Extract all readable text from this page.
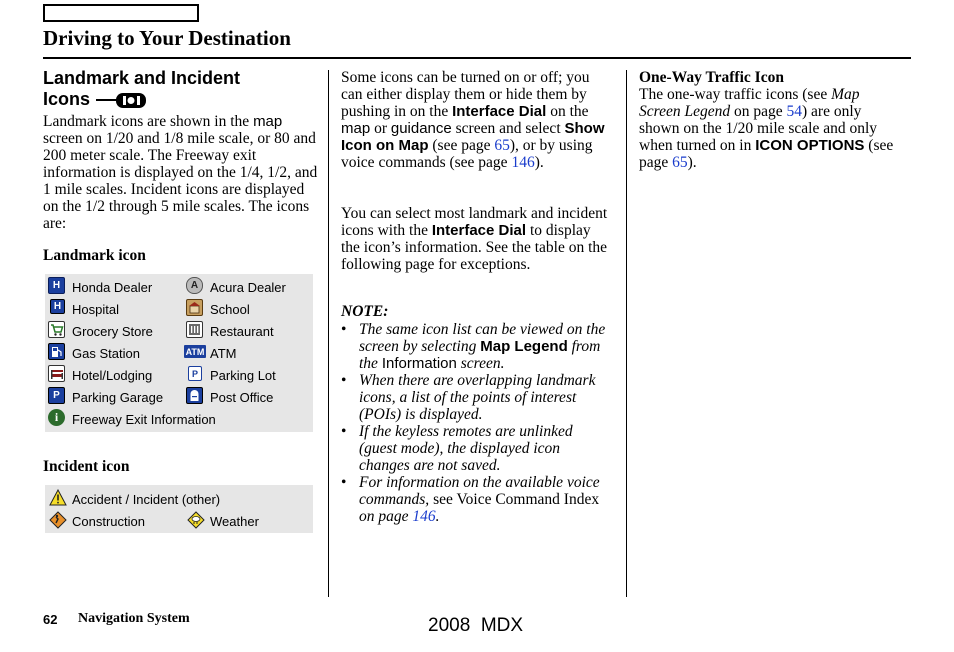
Driving to Your Destination
Landmark and Incident
Icons
Landmark icons are shown in the map screen on 1/20 and 1/8 mile scale, or 80 and 200 meter scale. The Freeway exit information is displayed on the 1/4, 1/2, and 1 mile scales. Incident icons are displayed on the 1/2 through 5 mile scales. The icons are:
Landmark icon
H Honda Dealer	A Acura Dealer
H Hospital	School
Grocery Store	Restaurant
Gas Station	ATM ATM
Hotel/Lodging	P Parking Lot
P Parking Garage	Post Office
i	Freeway Exit Information
Incident icon
Accident / Incident (other)
Construction	Weather
Some icons can be turned on or off; you can either display them or hide them by pushing in on the Interface Dial on the map or guidance screen and select Show Icon on Map (see page 65), or by using voice commands (see page 146).
You can select most landmark and incident icons with the Interface Dial to display the icon’s information. See the table on the following page for exceptions.
NOTE:
• The same icon list can be viewed on the screen by selecting Map Legend from the Information screen.
• When there are overlapping landmark icons, a list of the points of interest (POIs) is displayed.
• If the keyless remotes are unlinked (guest mode), the displayed icon changes are not saved.
• For information on the available voice commands, see Voice Command Index on page 146.
One-Way Traffic Icon
The one-way traffic icons (see Map Screen Legend on page 54) are only shown on the 1/20 mile scale and only when turned on in ICON OPTIONS (see page 65).
62 Navigation System	2008  MDX
